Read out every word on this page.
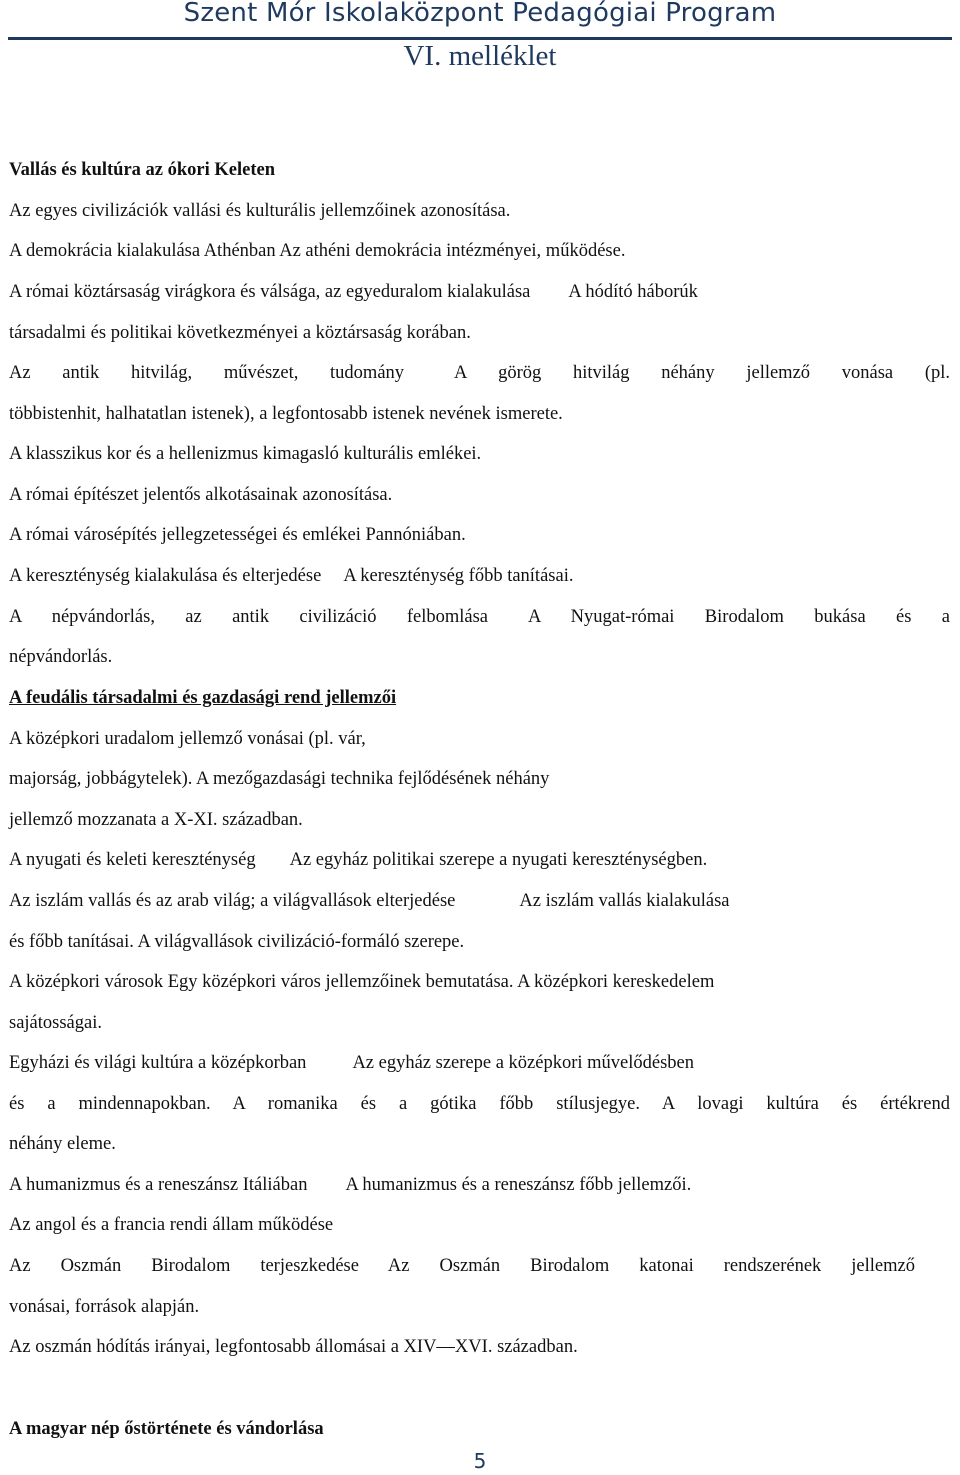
Szent Mór Iskolaközpont Pedagógiai Program
VI. melléklet
Vallás és kultúra az ókori Keleten
Az egyes civilizációk vallási és kulturális jellemzőinek azonosítása.
A demokrácia kialakulása Athénban Az athéni demokrácia intézményei, működése.
A római köztársaság virágkora és válsága, az egyeduralom kialakulása A hódító háborúk
társadalmi és politikai következményei a köztársaság korában.
Az antik hitvilág, művészet, tudomány	A görög hitvilág néhány jellemző vonása (pl.
többistenhit, halhatatlan istenek), a legfontosabb istenek nevének ismerete.
A klasszikus kor és a hellenizmus kimagasló kulturális emlékei.
A római építészet jelentős alkotásainak azonosítása.
A római városépítés jellegzetességei és emlékei Pannóniában.
A kereszténység kialakulása és elterjedése A kereszténység főbb tanításai.
A népvándorlás, az antik civilizáció felbomlása A Nyugat-római Birodalom bukása és a
népvándorlás.
A feudális társadalmi és gazdasági rend jellemzői
A középkori uradalom jellemző vonásai (pl. vár,
majorság, jobbágytelek). A mezőgazdasági technika fejlődésének néhány
jellemző mozzanata a X-XI. században.
A nyugati és keleti kereszténység Az egyház politikai szerepe a nyugati kereszténységben.
Az iszlám vallás és az arab világ; a világvallások elterjedése	Az iszlám vallás kialakulása
és főbb tanításai. A világvallások civilizáció-formáló szerepe.
A középkori városok Egy középkori város jellemzőinek bemutatása. A középkori kereskedelem
sajátosságai.
Egyházi és világi kultúra a középkorban Az egyház szerepe a középkori művelődésben
és a mindennapokban. A romanika és a gótika főbb stílusjegye. A lovagi kultúra és értékrend
néhány eleme.
A humanizmus és a reneszánsz Itáliában A humanizmus és a reneszánsz főbb jellemzői.
Az angol és a francia rendi állam működése
Az Oszmán Birodalom terjeszkedése Az Oszmán Birodalom katonai rendszerének jellemző
vonásai, források alapján.
Az oszmán hódítás irányai, legfontosabb állomásai a XIV—XVI. században.
A magyar nép őstörténete és vándorlása
5
